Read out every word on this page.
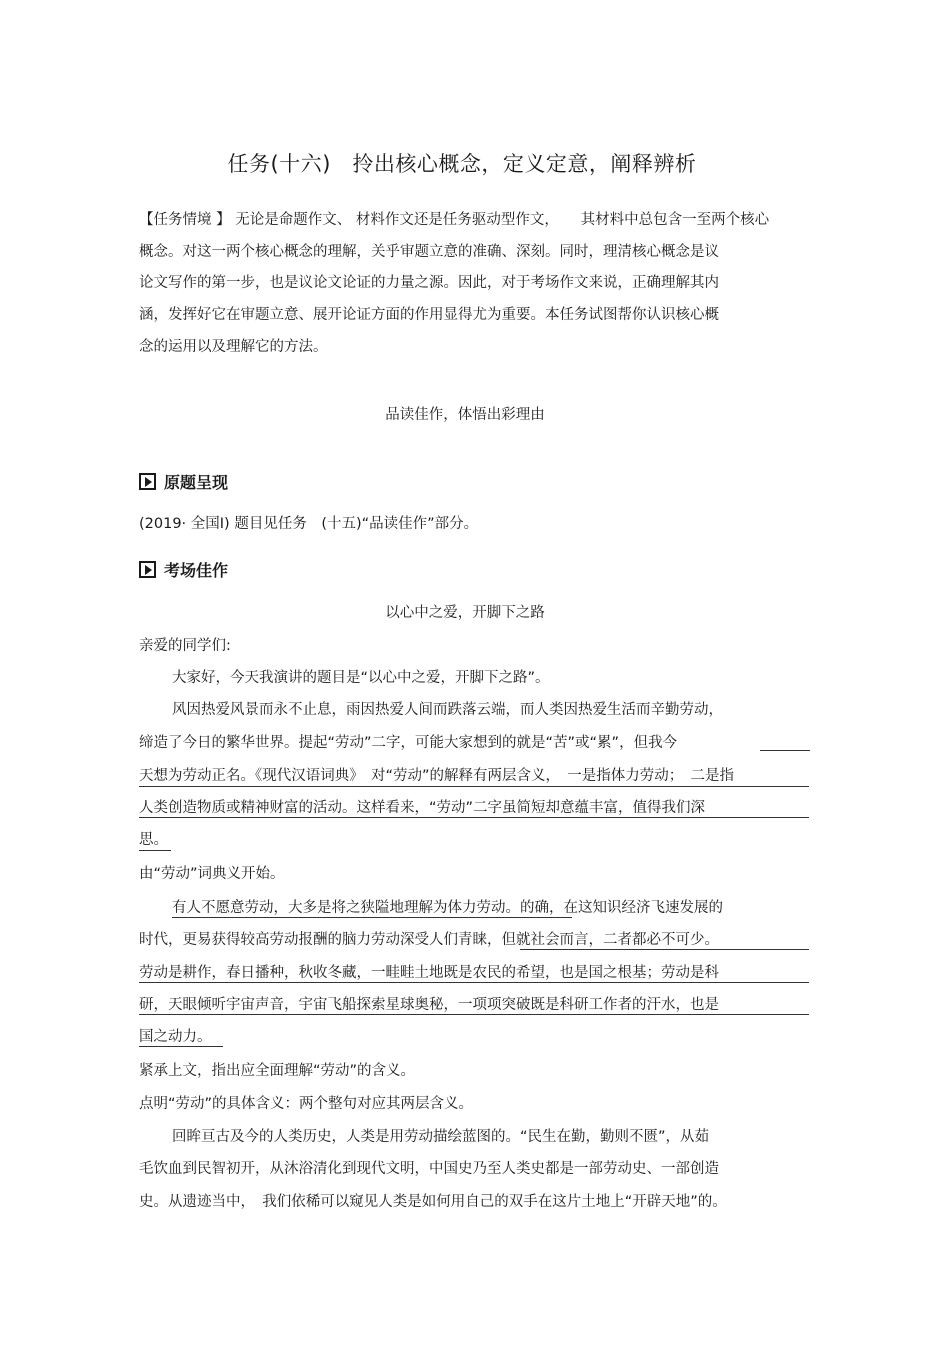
任务(十六)　拎出核心概念，定义定意，阐释辨析
【任务情境 】 无论是命题作文、 材料作文还是任务驱动型作文，　　其材料中总包含一至两个核心
概念。对这一两个核心概念的理解，关乎审题立意的准确、深刻。同时，理清核心概念是议
论文写作的第一步，也是议论文论证的力量之源。因此，对于考场作文来说，正确理解其内
涵，发挥好它在审题立意、展开论证方面的作用显得尤为重要。本任务试图帮你认识核心概
念的运用以及理解它的方法。
品读佳作，体悟出彩理由
原题呈现
(2019· 全国Ⅰ) 题目见任务　(十五)“品读佳作”部分。
考场佳作
以心中之爱，开脚下之路
亲爱的同学们:
大家好，今天我演讲的题目是“以心中之爱，开脚下之路”。
风因热爱风景而永不止息，雨因热爱人间而跌落云端，而人类因热爱生活而辛勤劳动，
缔造了今日的繁华世界。提起“劳动”二字，可能大家想到的就是“苦”或“累”，但我今
天想为劳动正名。《现代汉语词典》　对“劳动”的解释有两层含义，　一是指体力劳动；　二是指
人类创造物质或精神财富的活动。这样看来，“劳动”二字虽简短却意蕴丰富，值得我们深
思。
由“劳动”词典义开始。
有人不愿意劳动，大多是将之狭隘地理解为体力劳动。的确，在这知识经济飞速发展的
时代，更易获得较高劳动报酬的脑力劳动深受人们青睐，但就社会而言，二者都必不可少。
劳动是耕作，春日播种，秋收冬藏，一畦畦土地既是农民的希望，也是国之根基；劳动是科
研，天眼倾听宇宙声音，宇宙飞船探索星球奥秘，一项项突破既是科研工作者的汗水，也是
国之动力。
紧承上文，指出应全面理解“劳动”的含义。
点明“劳动”的具体含义：两个整句对应其两层含义。
回眸亘古及今的人类历史，人类是用劳动描绘蓝图的。“民生在勤，勤则不匮”，从茹
毛饮血到民智初开，从沐浴清化到现代文明，中国史乃至人类史都是一部劳动史、一部创造
史。从遗迹当中，　我们依稀可以窥见人类是如何用自己的双手在这片土地上“开辟天地”的。
